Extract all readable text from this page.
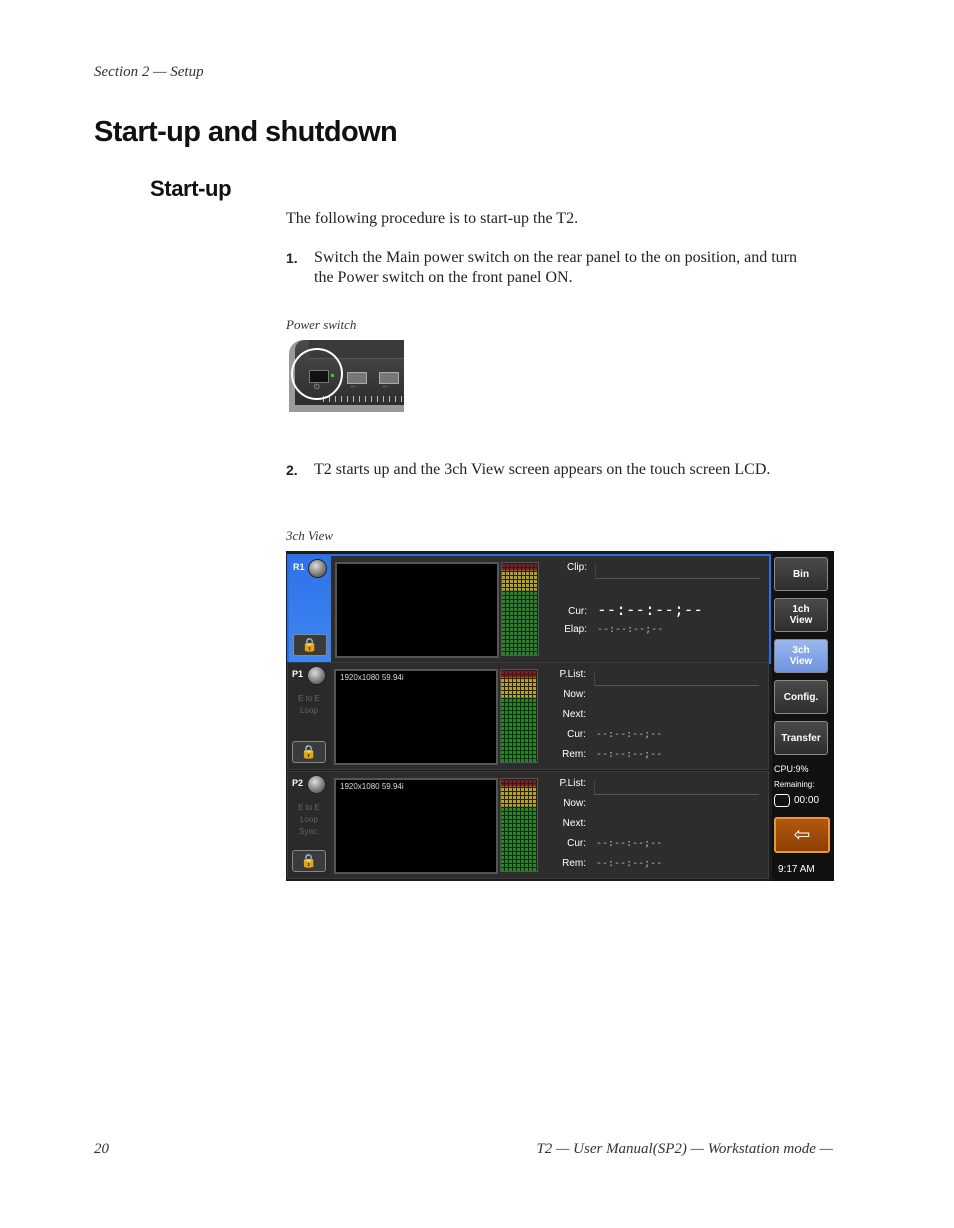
Section 2 — Setup
Start-up and shutdown
Start-up
The following procedure is to start-up the T2.
1. Switch the Main power switch on the rear panel to the on position, and turn the Power switch on the front panel ON.
Power switch
⏻	⇔	⇔
2. T2 starts up and the 3ch View screen appears on the touch screen LCD.
3ch View
R1
🔒
Clip:
Cur: --:--:--;--
Elap: --:--:--;--
P1
E to E
Loop
🔒
1920x1080 59.94i	P.List:
Now:
Next:
Cur: --:--:--;--
Rem: --:--:--;--
P2
E to E
Loop
Sync.
🔒
1920x1080 59.94i	P.List:
Now:
Next:
Cur: --:--:--;--
Rem: --:--:--;--
Bin
1ch
View
3ch
View
Config.
Transfer
CPU:9%
Remaining:
00:00
⇦
9:17 AM
20	T2 — User Manual(SP2) — Workstation mode —
